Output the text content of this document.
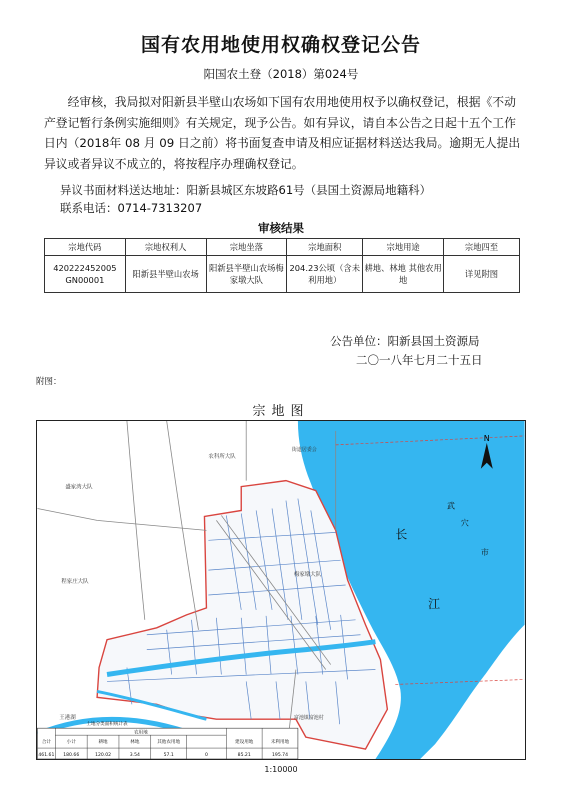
国有农用地使用权确权登记公告
阳国农土登（2018）第024号
经审核，我局拟对阳新县半壁山农场如下国有农用地使用权予以确权登记，根据《不动产登记暂行条例实施细则》有关规定，现予公告。如有异议，请自本公告之日起十五个工作日内（2018年 08 月 09 日之前）将书面复查申请及相应证据材料送达我局。逾期无人提出异议或者异议不成立的，将按程序办理确权登记。
异议书面材料送达地址：阳新县城区东坡路61号（县国土资源局地籍科）
联系电话：0714-7313207
审核结果
宗地代码	宗地权利人	宗地坐落	宗地面积	宗地用途	宗地四至
420222452005 GN00001	阳新县半壁山农场	阳新县半壁山农场梅家墩大队	204.23公顷（含未利用地）	耕地、林地 其他农用地	详见附图
公告单位：阳新县国土资源局
二〇一八年七月二十五日
附图：
宗地图
N
长
江
武
穴
市
农科所大队
盛家湾大队
程家庄大队
梅家墩大队
街道居委会
王港湖	富池镇富池村
土地分类面积统计表
农用地
合计	小计	耕地	林地	其他农用地	建设用地	未利用地
461.61 180.66	120.02	3.54	57.1	0	85.21	195.74
1:10000
